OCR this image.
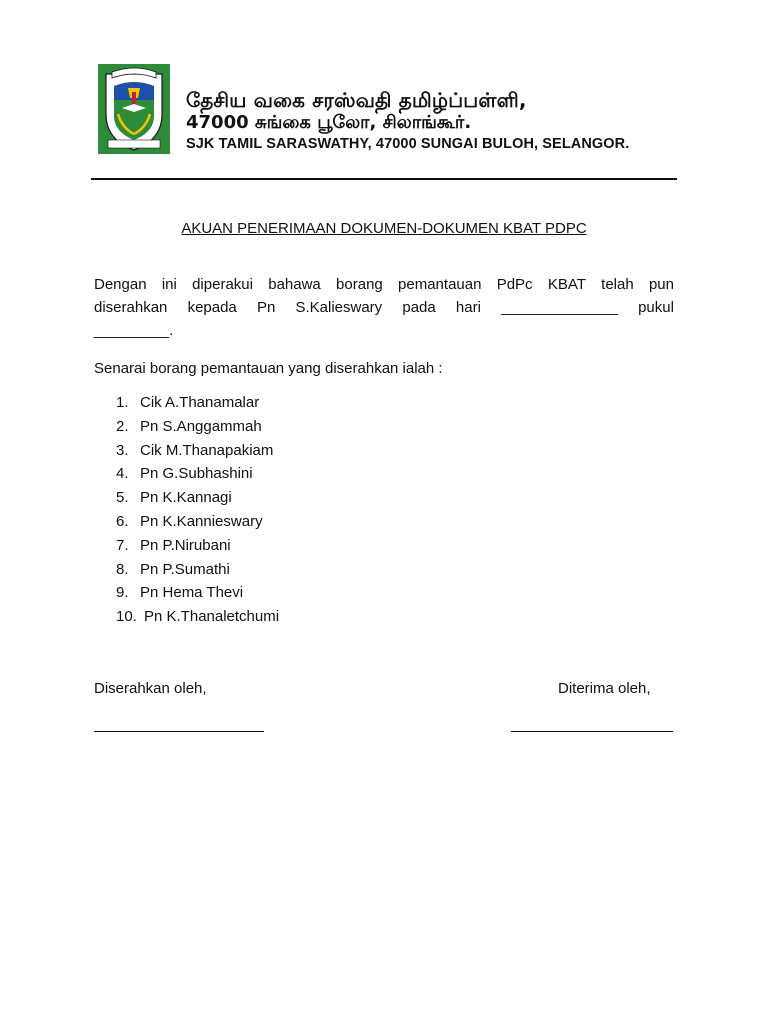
தேசிய வகை சரஸ்வதி தமிழ்ப்பள்ளி,
47000 சுங்கை பூலோ, சிலாங்கூர்.
SJK TAMIL SARASWATHY, 47000 SUNGAI BULOH, SELANGOR.
AKUAN PENERIMAAN DOKUMEN-DOKUMEN KBAT PDPC
Dengan ini diperakui bahawa borang pemantauan PdPc KBAT telah pun
diserahkan kepada Pn S.Kalieswary pada hari ______________ pukul
_________.
Senarai borang pemantauan yang diserahkan ialah :
1. Cik A.Thanamalar
2. Pn S.Anggammah
3. Cik M.Thanapakiam
4. Pn G.Subhashini
5. Pn K.Kannagi
6. Pn K.Kannieswary
7. Pn P.Nirubani
8. Pn P.Sumathi
9. Pn Hema Thevi
10. Pn K.Thanaletchumi
Diserahkan oleh,	Diterima oleh,
